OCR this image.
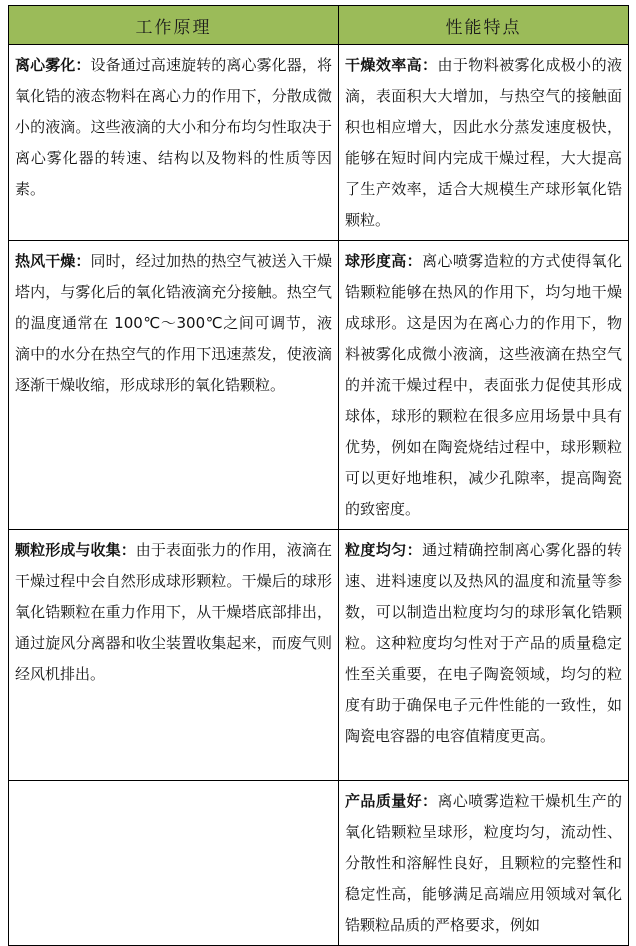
工作原理	性能特点

离心雾化：设备通过高速旋转的离心雾化器，将氧化锆的液态物料在离心力的作用下，分散成微小的液滴。这些液滴的大小和分布均匀性取决于离心雾化器的转速、结构以及物料的性质等因素。	干燥效率高：由于物料被雾化成极小的液滴，表面积大大增加，与热空气的接触面积也相应增大，因此水分蒸发速度极快，能够在短时间内完成干燥过程，大大提高了生产效率，适合大规模生产球形氧化锆颗粒。

热风干燥：同时，经过加热的热空气被送入干燥塔内，与雾化后的氧化锆液滴充分接触。热空气的温度通常在 100℃～300℃之间可调节，液滴中的水分在热空气的作用下迅速蒸发，使液滴逐渐干燥收缩，形成球形的氧化锆颗粒。	球形度高：离心喷雾造粒的方式使得氧化锆颗粒能够在热风的作用下，均匀地干燥成球形。这是因为在离心力的作用下，物料被雾化成微小液滴，这些液滴在热空气的并流干燥过程中，表面张力促使其形成球体，球形的颗粒在很多应用场景中具有优势，例如在陶瓷烧结过程中，球形颗粒可以更好地堆积，减少孔隙率，提高陶瓷的致密度。

颗粒形成与收集：由于表面张力的作用，液滴在干燥过程中会自然形成球形颗粒。干燥后的球形氧化锆颗粒在重力作用下，从干燥塔底部排出，通过旋风分离器和收尘装置收集起来，而废气则经风机排出。	粒度均匀：通过精确控制离心雾化器的转速、进料速度以及热风的温度和流量等参数，可以制造出粒度均匀的球形氧化锆颗粒。这种粒度均匀性对于产品的质量稳定性至关重要，在电子陶瓷领域，均匀的粒度有助于确保电子元件性能的一致性，如陶瓷电容器的电容值精度更高。

	产品质量好：离心喷雾造粒干燥机生产的氧化锆颗粒呈球形，粒度均匀，流动性、分散性和溶解性良好，且颗粒的完整性和稳定性高，能够满足高端应用领域对氧化锆颗粒品质的严格要求，例如
